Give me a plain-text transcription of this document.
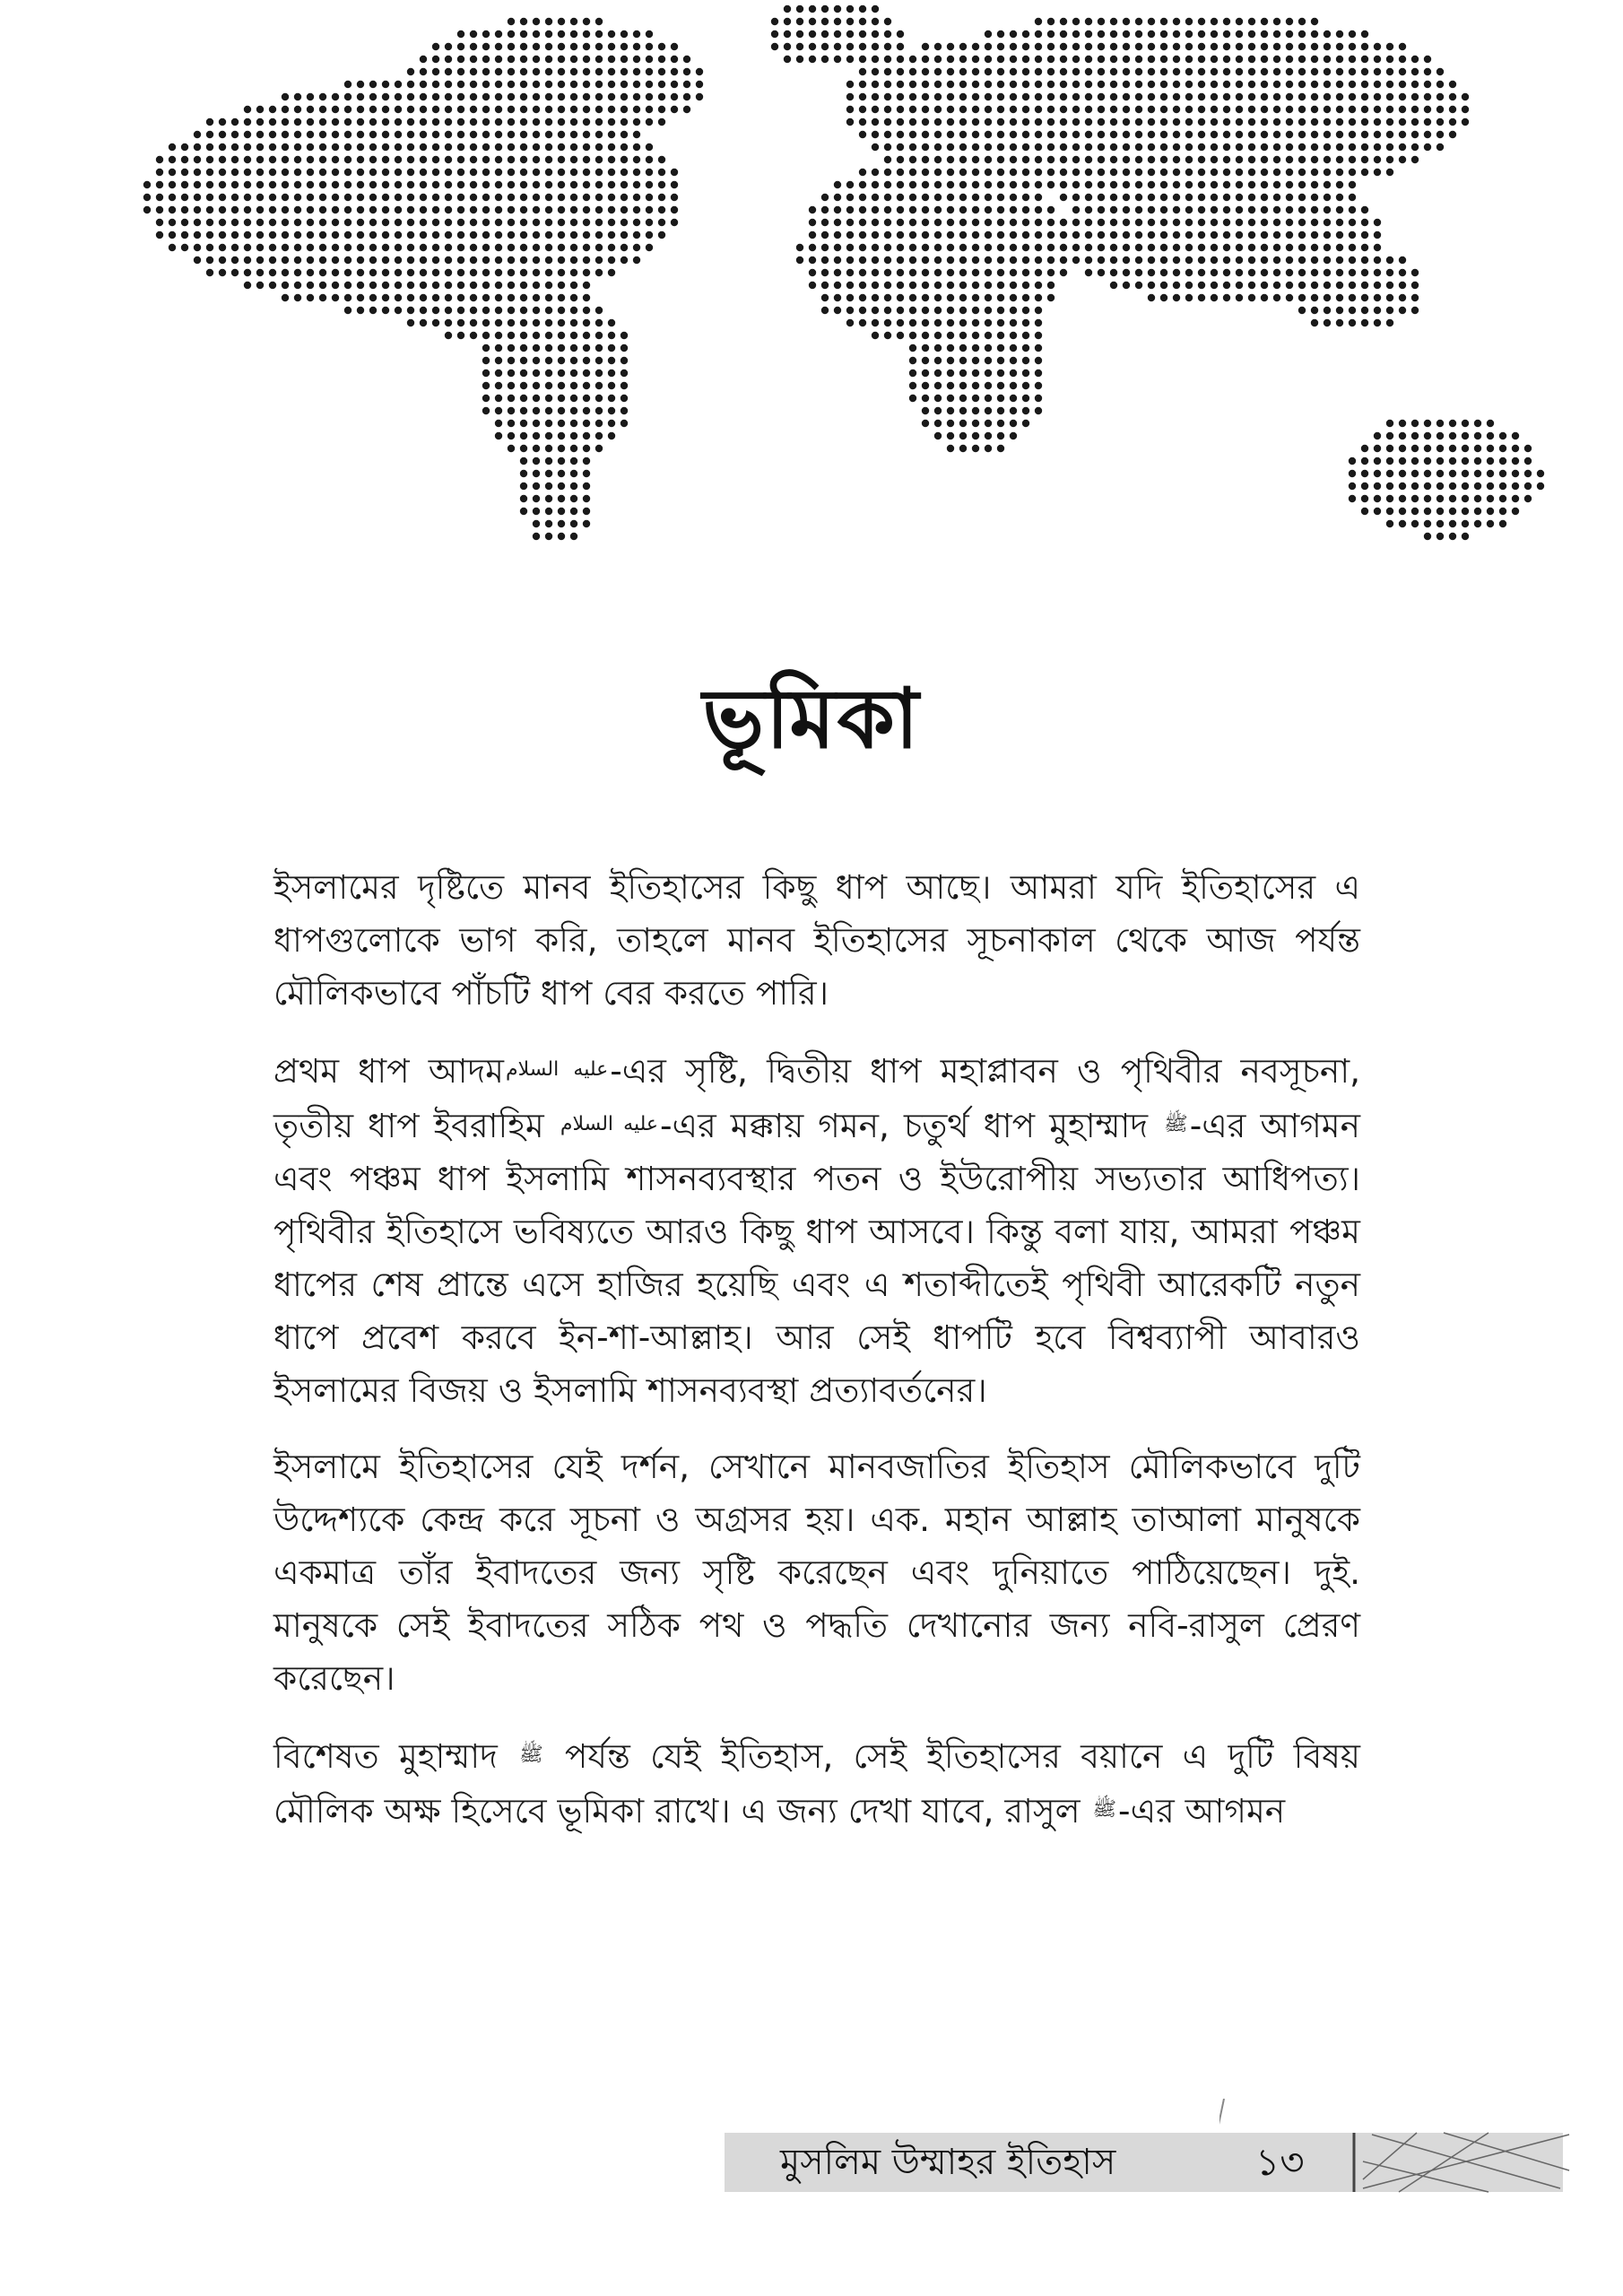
ভূমিকা

ইসলামের দৃষ্টিতে মানব ইতিহাসের কিছু ধাপ আছে। আমরা যদি ইতিহাসের এ ধাপগুলোকে ভাগ করি, তাহলে মানব ইতিহাসের সূচনাকাল থেকে আজ পর্যন্ত মৌলিকভাবে পাঁচটি ধাপ বের করতে পারি।

প্রথম ধাপ আদম$^{عليه السلام}$-এর সৃষ্টি, দ্বিতীয় ধাপ মহাপ্লাবন ও পৃথিবীর নবসূচনা, তৃতীয় ধাপ ইবরাহিম $^{عليه السلام}$-এর মক্কায় গমন, চতুর্থ ধাপ মুহাম্মাদ $^ﷺ$-এর আগমন এবং পঞ্চম ধাপ ইসলামি শাসনব্যবস্থার পতন ও ইউরোপীয় সভ্যতার আধিপত্য। পৃথিবীর ইতিহাসে ভবিষ্যতে আরও কিছু ধাপ আসবে। কিন্তু বলা যায়, আমরা পঞ্চম ধাপের শেষ প্রান্তে এসে হাজির হয়েছি এবং এ শতাব্দীতেই পৃথিবী আরেকটি নতুন ধাপে প্রবেশ করবে ইন-শা-আল্লাহ। আর সেই ধাপটি হবে বিশ্বব্যাপী আবারও ইসলামের বিজয় ও ইসলামি শাসনব্যবস্থা প্রত্যাবর্তনের।

ইসলামে ইতিহাসের যেই দর্শন, সেখানে মানবজাতির ইতিহাস মৌলিকভাবে দুটি উদ্দেশ্যকে কেন্দ্র করে সূচনা ও অগ্রসর হয়। এক. মহান আল্লাহ তাআলা মানুষকে একমাত্র তাঁর ইবাদতের জন্য সৃষ্টি করেছেন এবং দুনিয়াতে পাঠিয়েছেন। দুই. মানুষকে সেই ইবাদতের সঠিক পথ ও পদ্ধতি দেখানোর জন্য নবি-রাসুল প্রেরণ করেছেন।

বিশেষত মুহাম্মাদ $^ﷺ$ পর্যন্ত যেই ইতিহাস, সেই ইতিহাসের বয়ানে এ দুটি বিষয় মৌলিক অক্ষ হিসেবে ভূমিকা রাখে। এ জন্য দেখা যাবে, রাসুল $^ﷺ$-এর আগমন

মুসলিম উম্মাহর ইতিহাস	১৩
